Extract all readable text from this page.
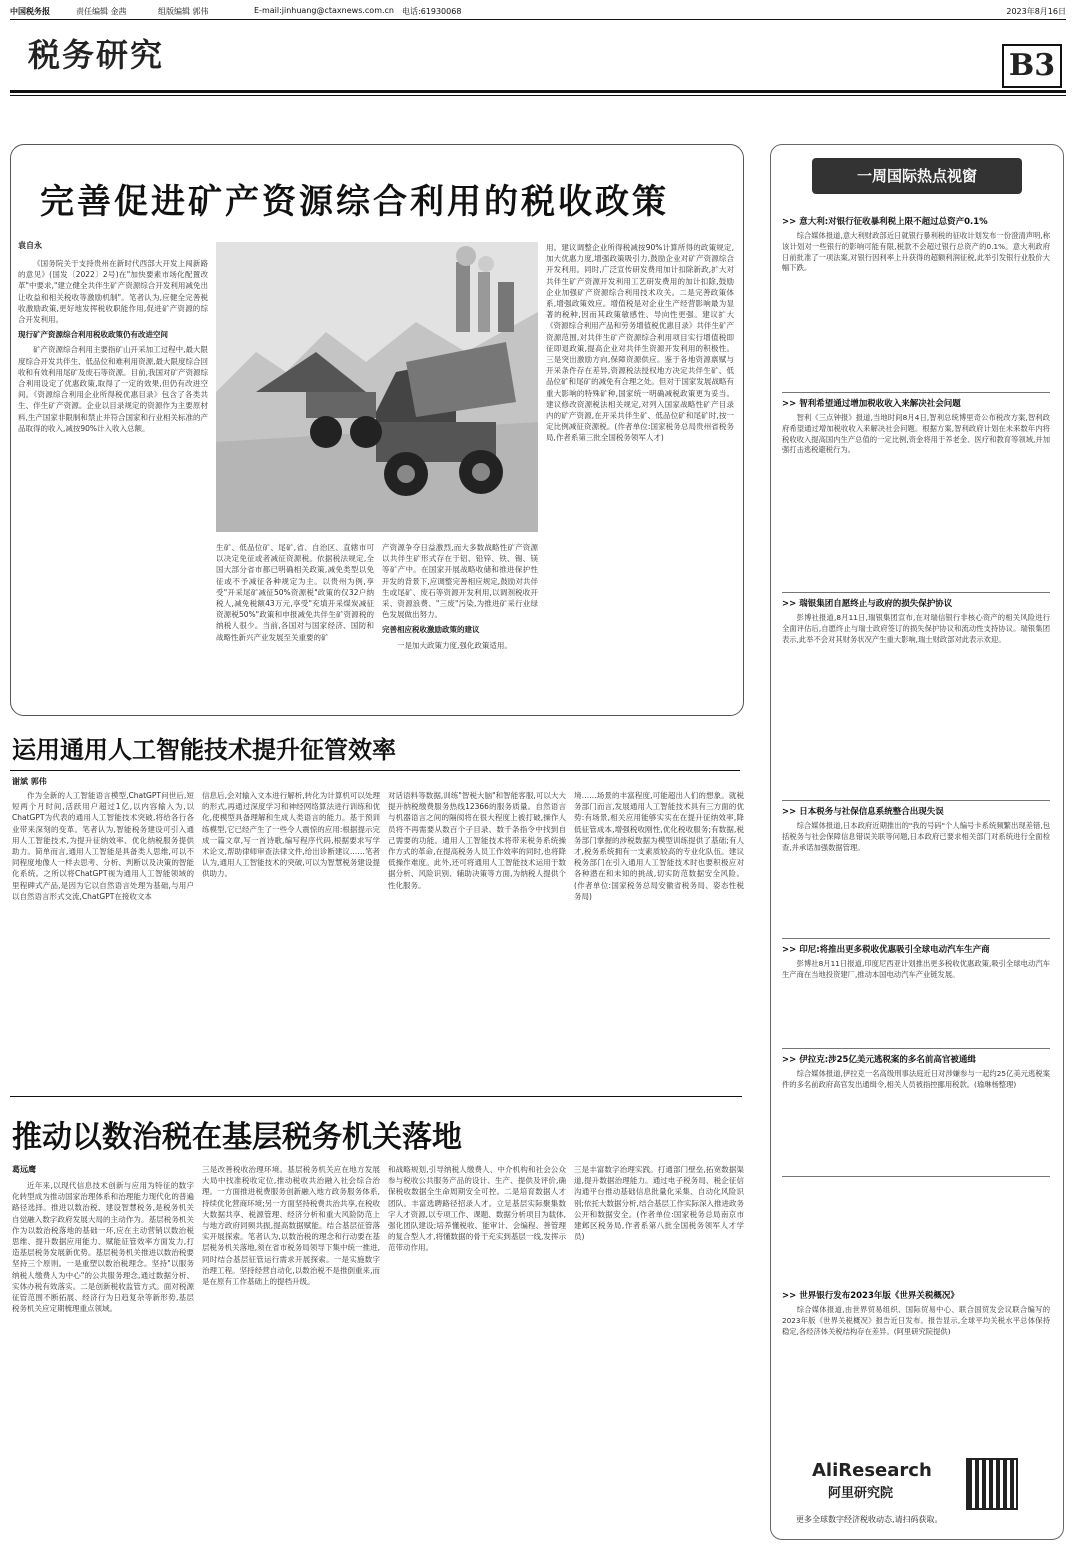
中国税务报	责任编辑 金茜	组版编辑 郭伟	E-mail:jinhuang@ctaxnews.com.cn 电话:61930068	2023年8月16日
税务研究	B3
完善促进矿产资源综合利用的税收政策
袁自永

《国务院关于支持贵州在新时代西部大开发上闯新路的意见》(国发〔2022〕2号)在"加快要素市场化配置改革"中要求,"建立健全共伴生矿产资源综合开发利用减免出让收益和相关税收等激励机制"。笔者认为,应健全完善税收激励政策,更好地发挥税收职能作用,促进矿产资源的综合开发利用。

现行矿产资源综合利用税收政策仍有改进空间

矿产资源综合利用主要指矿山开采加工过程中,最大限度综合开发共伴生、低品位和难利用资源,最大限度综合回收和有效利用尾矿及废石等资源。目前,我国对矿产资源综合利用设定了优惠政策,取得了一定的效果,但仍有改进空间。《资源综合利用企业所得税优惠目录》包含了各类共生、伴生矿产资源。企业以目录规定的资源作为主要原材料,生产国家非限制和禁止并符合国家和行业相关标准的产品取得的收入,减按90%计入收入总额。

生矿、低品位矿、尾矿,省、自治区、直辖市可以决定免征或者减征资源税。依据税法规定,全国大部分省市都已明确相关政策,减免类型以免征或不予减征各种规定为主。以贵州为例,享受"开采尾矿减征50%资源税"政策的仅32户纳税人,减免税额43万元,享受"充填开采煤炭减征资源税50%"政策和申报减免共伴生矿资源税的纳税人很少。当前,各国对与国家经济、国防和战略性新兴产业发展至关重要的矿

产资源争夺日益激烈,而大多数战略性矿产资源以共伴生矿形式存在于铝、铅锌、铁、锡、镁等矿产中。在国家开展战略收储和推进保护性开发的背景下,应调整完善相应规定,鼓励对共伴生或尾矿、废石等资源开发利用,以调剂税收开采、资源浪费、"三废"污染,为推进矿采行业绿色发展做出努力。

完善相应税收激励政策的建议

一是加大政策力度,强化政策适用。

用。建议调整企业所得税减按90%计算所得的政策规定,加大优惠力度,增强政策吸引力,鼓励企业对矿产资源综合开发利用。同时,广泛宣传研发费用加计扣除新政,扩大对共伴生矿产资源开发利用工艺研发费用的加计扣除,鼓励企业加强矿产资源综合利用技术攻关。二是完善政策体系,增强政策效应。增值税是对企业生产经营影响最为显著的税种,因而其政策敏感性、导向性更强。建议扩大《资源综合利用产品和劳务增值税优惠目录》共伴生矿产资源范围,对共伴生矿产资源综合利用项目实行增值税即征即退政策,提高企业对共伴生资源开发利用的积极性。三是突出激励方向,保障资源供应。鉴于各地资源禀赋与开采条件存在差异,资源税法授权地方决定共伴生矿、低品位矿和尾矿的减免有合理之处。但对于国家发展战略有重大影响的特殊矿种,国家统一明确减税政策更为妥当。建议修改资源税法相关规定,对列入国家战略性矿产目录内的矿产资源,在开采共伴生矿、低品位矿和尾矿时,按一定比例减征资源税。(作者单位:国家税务总局贵州省税务局,作者系第三批全国税务领军人才)

运用通用人工智能技术提升征管效率
谢斌 郭伟

作为全新的人工智能语言模型,ChatGPT问世后,短短两个月时间,活跃用户超过1亿,以内容输入为,以ChatGPT为代表的通用人工智能技术突破,将给各行各业带来深刻的变革。笔者认为,智能税务建设可引入通用人工智能技术,为提升征纳效率、优化纳税服务提供助力。简单而言,通用人工智能是具备类人思维,可以不同程度地像人一样去思考、分析、判断以及决策的智能化系统。之所以将ChatGPT视为通用人工智能领域的里程碑式产品,是因为它以自然语言处理为基础,与用户以自然语言形式交流,ChatGPT在接收文本

信息后,会对输入文本进行解析,转化为计算机可以处理的形式,再通过深度学习和神经网络算法进行训练和优化,使模型具备理解和生成人类语言的能力。基于预训练模型,它已经产生了一些令人震惊的应用:根据提示完成一篇文章,写一首诗歌,编写程序代码,根据要求写学术论文,帮助律师审查法律文件,给出诊断建议……笔者认为,通用人工智能技术的突破,可以为智慧税务建设提供助力。

对话语料等数据,训练"智税大脑"和智能客服,可以大大提升纳税缴费服务热线12366的服务质量。自然语言与机器语言之间的隔阂将在很大程度上被打破,操作人员将不再需要从数百个子目录、数千条指令中找到自己需要的功能。通用人工智能技术将带来税务系统操作方式的革命,在提高税务人员工作效率的同时,也将降低操作难度。此外,还可将通用人工智能技术运用于数据分析、风险识别、辅助决策等方面,为纳税人提供个性化服务。

境……场景的丰富程度,可能超出人们的想象。就税务部门而言,发展通用人工智能技术具有三方面的优势:有场景,相关应用能够实实在在提升征纳效率,降低征管成本,增强税收刚性,优化税收服务;有数据,税务部门掌握的涉税数据为模型训练提供了基础;有人才,税务系统拥有一支素质较高的专业化队伍。建议税务部门在引入通用人工智能技术时也要积极应对各种潜在和未知的挑战,切实防范数据安全风险。(作者单位:国家税务总局安徽省税务局、姿态性税务局)

推动以数治税在基层税务机关落地
葛远鹰

近年来,以现代信息技术创新与应用为特征的数字化转型成为推动国家治理体系和治理能力现代化的普遍路径选择。推进以数治税、建设智慧税务,是税务机关自觉融入数字政府发展大局的主动作为。基层税务机关作为以数治税落地的基础一环,应在主动营销以数治税思维、提升数据应用能力、赋能征管效率方面发力,打造基层税务发展新优势。基层税务机关推进以数治税要坚持三个原则。一是重塑以数治税理念。坚持"以服务纳税人缴费人为中心"的公共服务理念,通过数据分析、实体办税有效落实。二是创新税收监管方式。面对税源征管范围不断拓展、经济行为日趋复杂等新形势,基层税务机关应定期梳理重点领域。

三是改善税收治理环境。基层税务机关应在地方发展大局中找准税收定位,推动税收共治融入社会综合治理。一方面推进税费服务创新融入地方政务服务体系,持续优化营商环境;另一方面坚持税费共治共享,在税收大数据共享、税源管理、经济分析和重大风险防范上与地方政府同频共振,提高数据赋能。结合基层征管落实开展探索。笔者认为,以数治税的理念和行动要在基层税务机关落地,须在省市税务局领导下集中统一推进,同时结合基层征管运行需求开展探索。一是实施数字治理工程。坚持经营自动化,以数治税不是推倒重来,而是在原有工作基础上的提档升级。

和战略规划,引导纳税人缴费人、中介机构和社会公众参与税收公共服务产品的设计、生产、提供及评价,确保税收数据全生命周期安全可控。二是培育数据人才团队。丰富选聘路径招录人才。立足基层实际聚集数字人才资源,以专项工作、课题、数据分析项目为载体,强化团队建设;培养懂税收、能审计、会编程、善管理的复合型人才,将懂数据的骨干充实到基层一线,发挥示范带动作用。

三是丰富数字治理实践。打通部门壁垒,拓宽数据渠道,提升数据治理能力。通过电子税务局、税企征信沟通平台推动基础信息批量化采集、自动化风险识别;依托大数据分析,结合基层工作实际深入推进政务公开和数据安全。(作者单位:国家税务总局南京市建邺区税务局,作者系第八批全国税务领军人才学员)

一周国际热点视窗
>> 意大利:对银行征收暴利税上限不超过总资产0.1%
综合媒体报道,意大利财政部近日就银行暴利税的征收计划发布一份澄清声明,称该计划对一些银行的影响可能有限,税款不会超过银行总资产的0.1%。意大利政府日前批准了一项法案,对银行因利率上升获得的超额利润征税,此举引发银行业股价大幅下跌。
>> 智利希望通过增加税收收入来解决社会问题
智利《三点钟报》报道,当地时间8月4日,智利总统博里奇公布税改方案,智利政府希望通过增加税收收入来解决社会问题。根据方案,智利政府计划在未来数年内将税收收入提高国内生产总值的一定比例,资金将用于养老金、医疗和教育等领域,并加强打击逃税避税行为。
>> 瑞银集团自愿终止与政府的损失保护协议
彭博社报道,8月11日,瑞银集团宣布,在对瑞信银行非核心资产的相关风险进行全面评估后,自愿终止与瑞士政府签订的损失保护协议和流动性支持协议。瑞银集团表示,此举不会对其财务状况产生重大影响,瑞士财政部对此表示欢迎。
>> 日本税务与社保信息系统整合出现失误
综合媒体报道,日本政府近期推出的"我的号码"个人编号卡系统频繁出现差错,包括税务与社会保障信息错误关联等问题,日本政府已要求相关部门对系统进行全面检查,并承诺加强数据管理。
>> 印尼:将推出更多税收优惠吸引全球电动汽车生产商
彭博社8月11日报道,印度尼西亚计划推出更多税收优惠政策,吸引全球电动汽车生产商在当地投资建厂,推动本国电动汽车产业链发展。
>> 伊拉克:涉25亿美元逃税案的多名前高官被通缉
综合媒体报道,伊拉克一名高级刑事法庭近日对涉嫌参与一起约25亿美元逃税案件的多名前政府高官发出通缉令,相关人员被指控挪用税款。(瑜琳杨整理)
>> 世界银行发布2023年版《世界关税概况》
综合媒体报道,由世界贸易组织、国际贸易中心、联合国贸发会议联合编写的2023年版《世界关税概况》报告近日发布。报告显示,全球平均关税水平总体保持稳定,各经济体关税结构存在差异。(阿里研究院提供)
AliResearch
阿里研究院
更多全球数字经济税收动态,请扫码获取。
